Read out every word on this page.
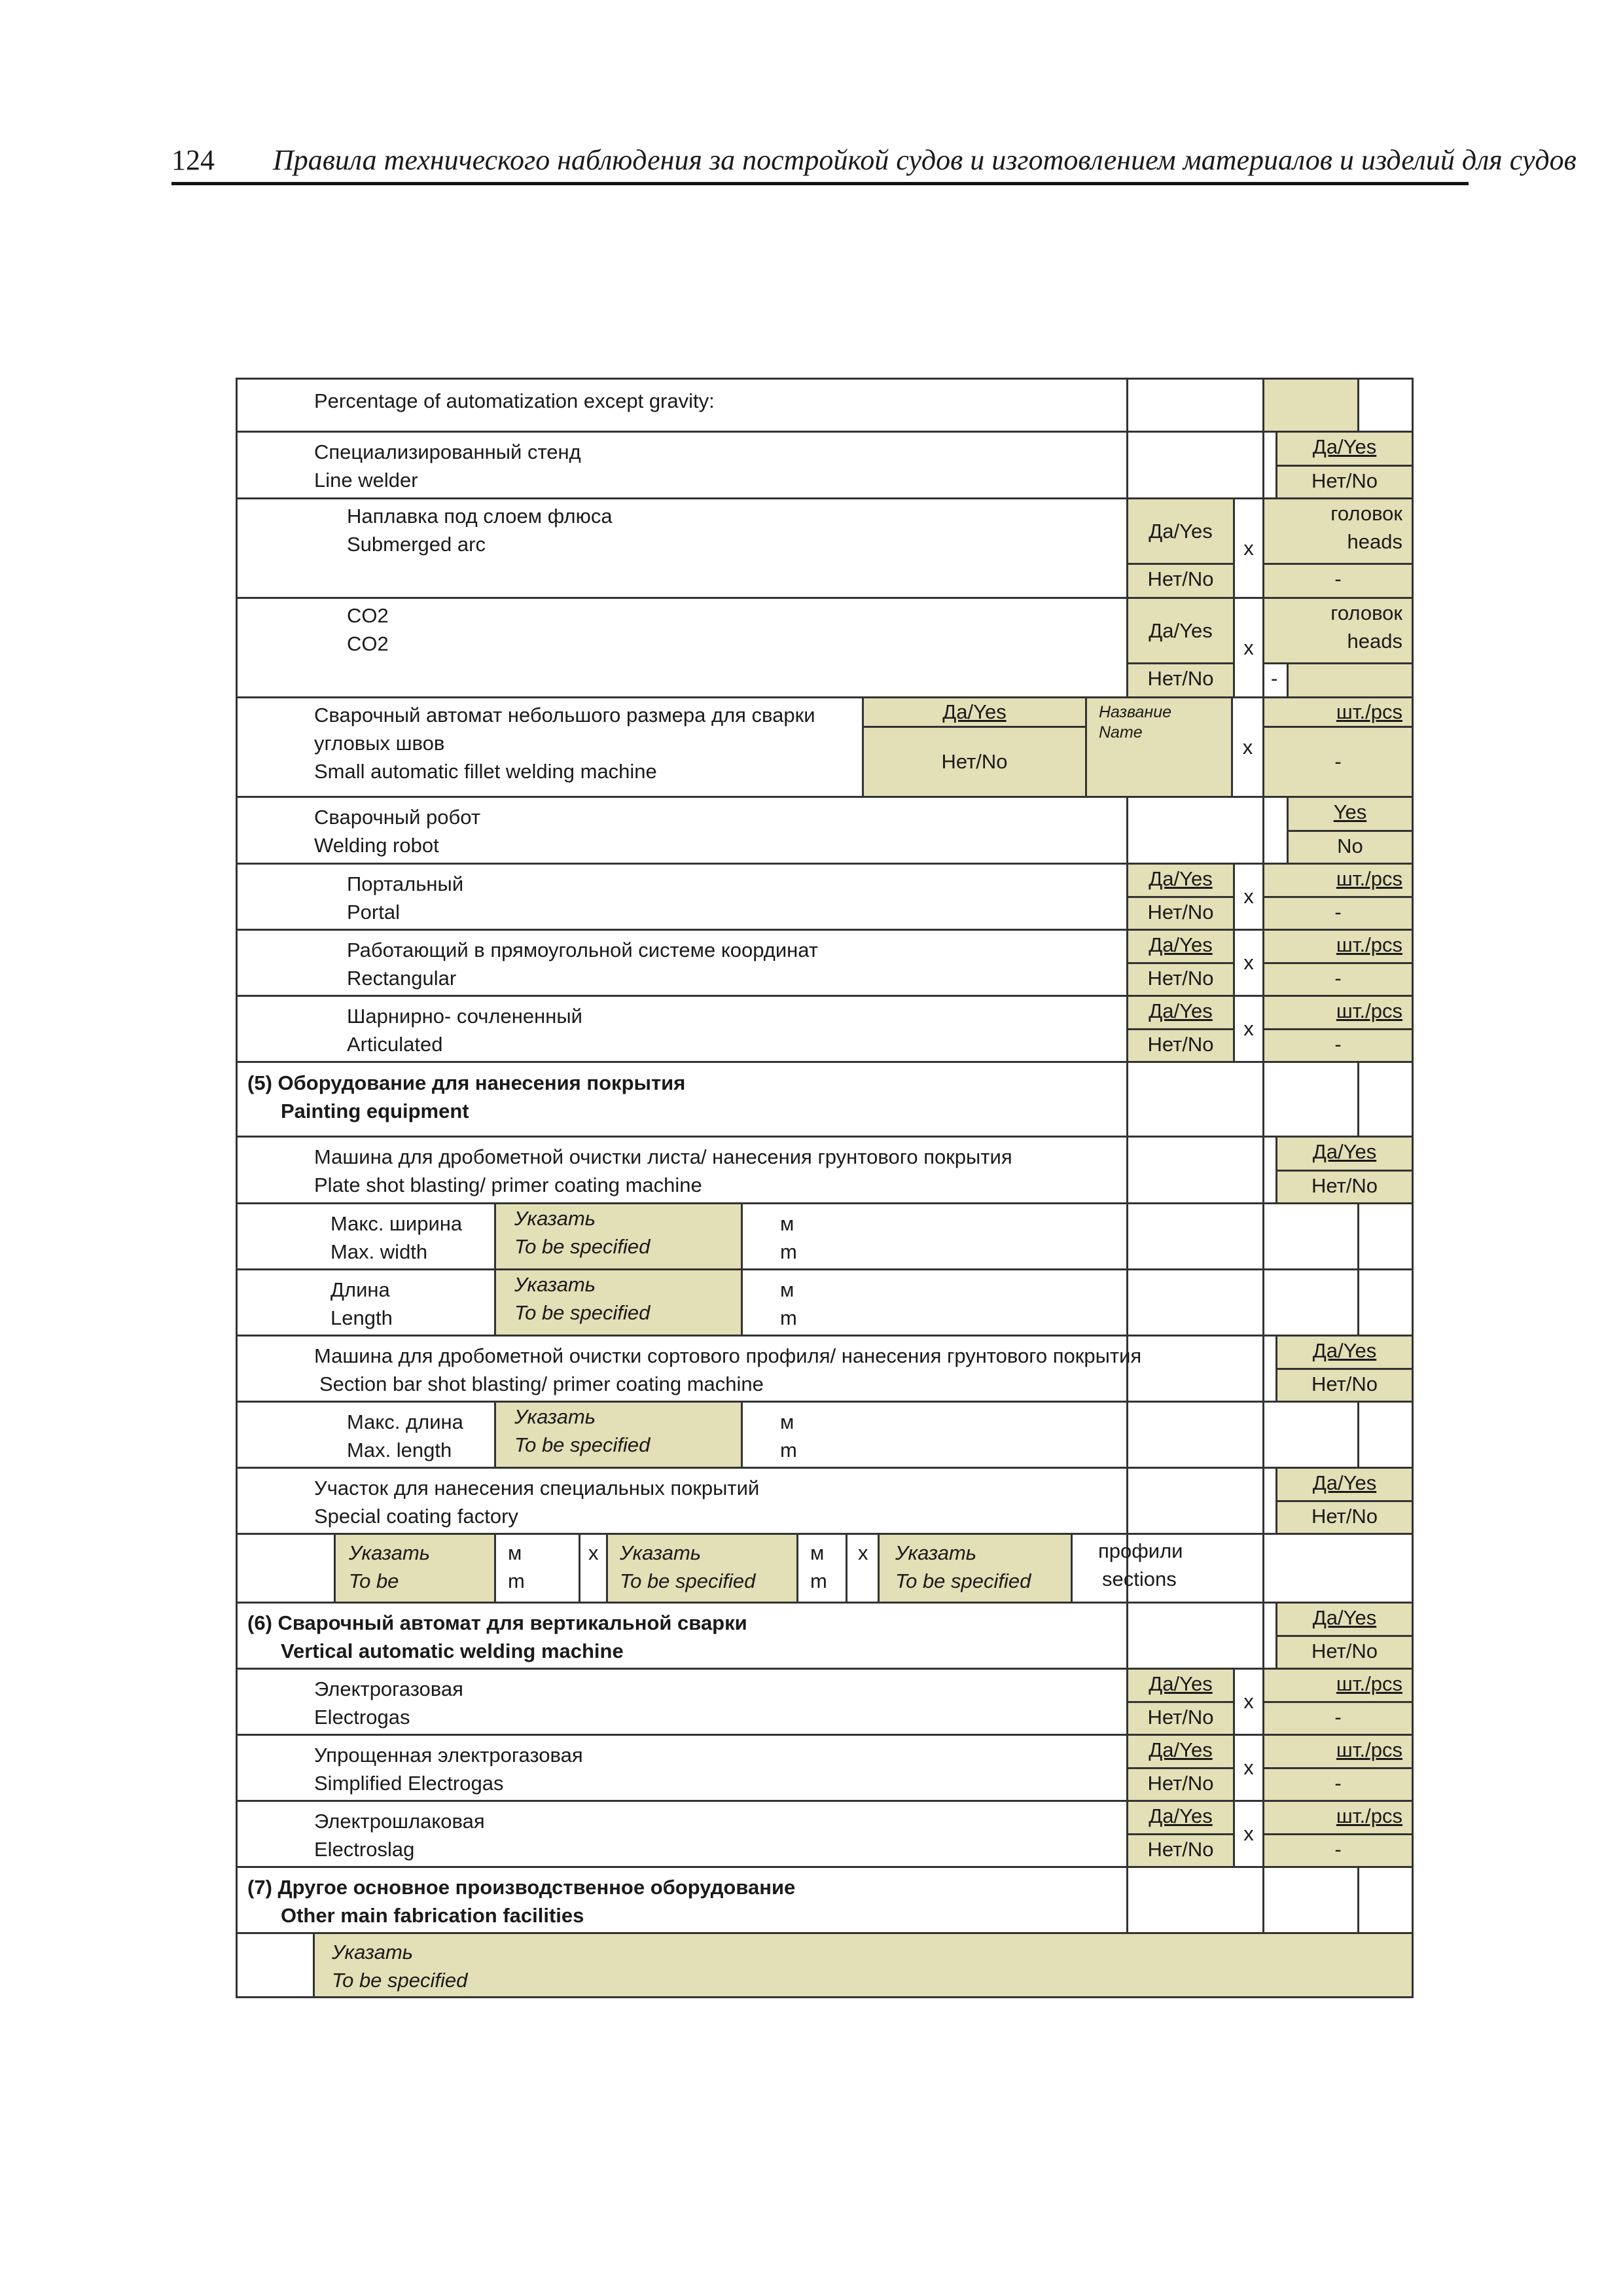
124 Правила технического наблюдения за постройкой судов и изготовлением материалов и изделий для судов
Percentage of automatization except gravity:
Да/Yes
Нет/No
Специализированный стенд
Line welder
Да/Yes
Нет/No
x
головок
heads
-
Наплавка под слоем флюса
Submerged arc
Да/Yes
Нет/No
x
головок
heads
-
CO2
CO2
Да/Yes
Нет/No
Название
Name
x
шт./pcs
-
Сварочный автомат небольшого размера для сварки
угловых швов
Small automatic fillet welding machine
Yes
No
Сварочный робот
Welding robot
Да/Yes
Нет/No
x
шт./pcs
-
Портальный
Portal
Да/Yes
Нет/No
x
шт./pcs
-
Работающий в прямоугольной системе координат
Rectangular
Да/Yes
Нет/No
x
шт./pcs
-
Шарнирно- сочлененный
Articulated
(5) Оборудование для нанесения покрытия
Painting equipment
Да/Yes
Нет/No
Машина для дробометной очистки листа/ нанесения грунтового покрытия
Plate shot blasting/ primer coating machine
Указать
To be specified
Макс. ширина
Max. width
м
m
Указать
To be specified
Длина
Length
м
m
Да/Yes
Нет/No
Машина для дробометной очистки сортового профиля/ нанесения грунтового покрытия
Section bar shot blasting/ primer coating machine
Указать
To be specified
Макс. длина
Max. length
м
m
Да/Yes
Нет/No
Участок для нанесения специальных покрытий
Special coating factory
Указать
To be
м
m
x	Указать
To be specified
м
m
x	Указать
To be specified
профили
sections
Да/Yes
Нет/No
(6) Сварочный автомат для вертикальной сварки
Vertical automatic welding machine
Да/Yes
Нет/No
x
шт./pcs
-
Электрогазовая
Electrogas
Да/Yes
Нет/No
x
шт./pcs
-
Упрощенная электрогазовая
Simplified Electrogas
Да/Yes
Нет/No
x
шт./pcs
-
Электрошлаковая
Electroslag
(7) Другое основное производственное оборудование
Other main fabrication facilities
Указать
To be specified
